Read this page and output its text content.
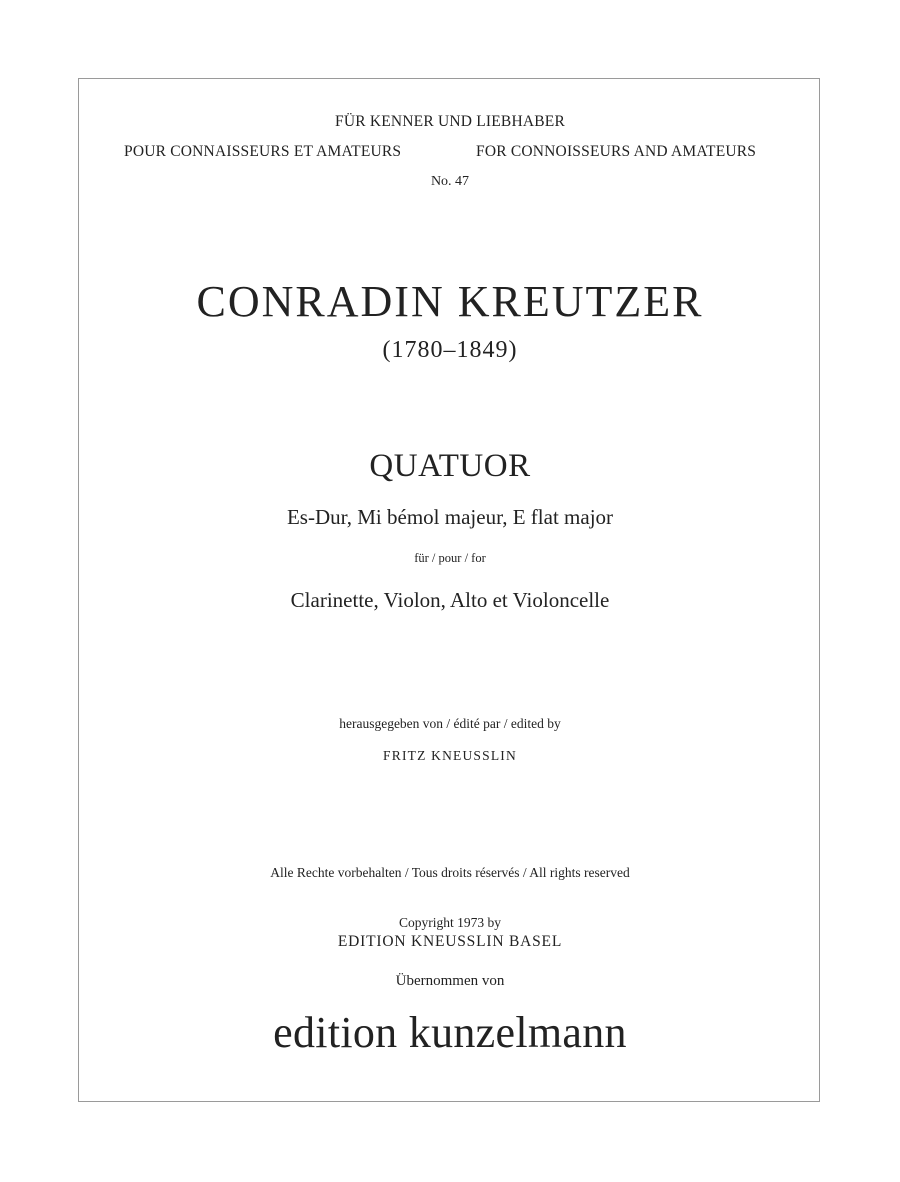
FÜR KENNER UND LIEBHABER
POUR CONNAISSEURS ET AMATEURS	FOR CONNOISSEURS AND AMATEURS
No. 47
CONRADIN KREUTZER
(1780–1849)
QUATUOR
Es-Dur, Mi bémol majeur, E flat major
für / pour / for
Clarinette, Violon, Alto et Violoncelle
herausgegeben von / édité par / edited by
FRITZ KNEUSSLIN
Alle Rechte vorbehalten / Tous droits réservés / All rights reserved
Copyright 1973 by
EDITION KNEUSSLIN BASEL
Übernommen von
edition kunzelmann
